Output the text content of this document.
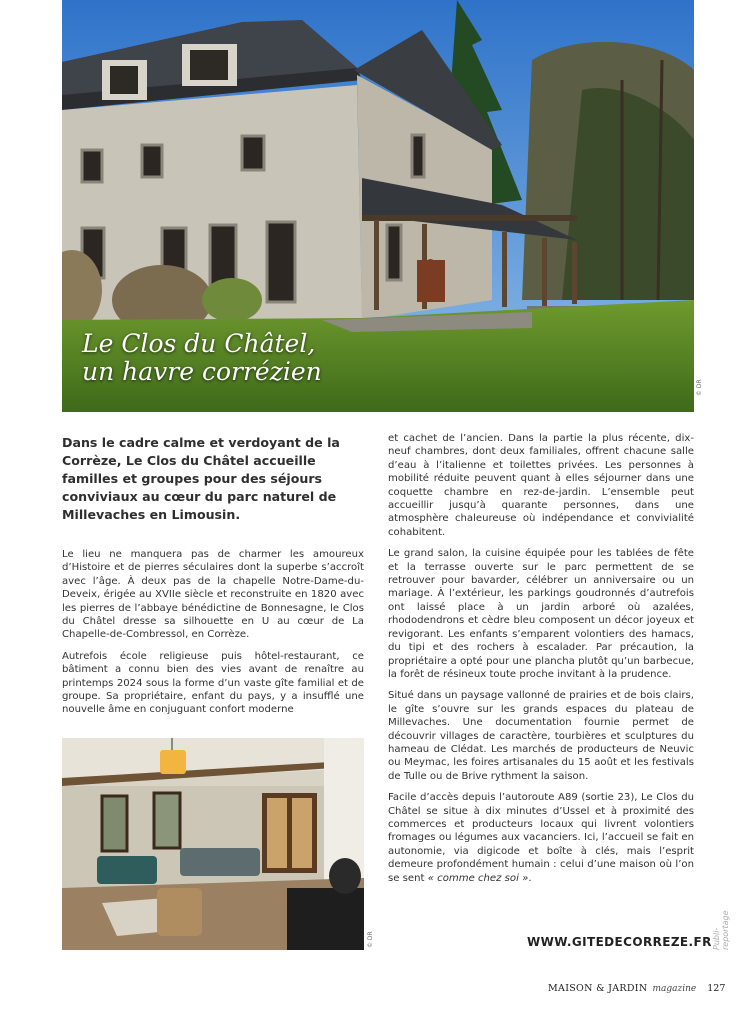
Le Clos du Châtel,
un havre corrézien
© DR
Dans le cadre calme et verdoyant de la Corrèze, Le Clos du Châtel accueille familles et groupes pour des séjours conviviaux au cœur du parc naturel de Millevaches en Limousin.

Le lieu ne manquera pas de charmer les amoureux d’Histoire et de pierres séculaires dont la superbe s’accroît avec l’âge. À deux pas de la chapelle Notre-Dame-du-Deveix, érigée au XVIIe siècle et reconstruite en 1820 avec les pierres de l’abbaye bénédictine de Bonnesagne, le Clos du Châtel dresse sa silhouette en U au cœur de La Chapelle-de-Combressol, en Corrèze.

Autrefois école religieuse puis hôtel-restaurant, ce bâtiment a connu bien des vies avant de renaître au printemps 2024 sous la forme d’un vaste gîte familial et de groupe. Sa propriétaire, enfant du pays, y a insufflé une nouvelle âme en conjuguant confort moderne

© DR

et cachet de l’ancien. Dans la partie la plus récente, dix-neuf chambres, dont deux familiales, offrent chacune salle d’eau à l’italienne et toilettes privées. Les personnes à mobilité réduite peuvent quant à elles séjourner dans une coquette chambre en rez-de-jardin. L’ensemble peut accueillir jusqu’à quarante personnes, dans une atmosphère chaleureuse où indépendance et convivialité cohabitent.

Le grand salon, la cuisine équipée pour les tablées de fête et la terrasse ouverte sur le parc permettent de se retrouver pour bavarder, célébrer un anniversaire ou un mariage. À l’extérieur, les parkings goudronnés d’autrefois ont laissé place à un jardin arboré où azalées, rhododendrons et cèdre bleu composent un décor joyeux et revigorant. Les enfants s’emparent volontiers des hamacs, du tipi et des rochers à escalader. Par précaution, la propriétaire a opté pour une plancha plutôt qu’un barbecue, la forêt de résineux toute proche invitant à la prudence.

Situé dans un paysage vallonné de prairies et de bois clairs, le gîte s’ouvre sur les grands espaces du plateau de Millevaches. Une documentation fournie permet de découvrir villages de caractère, tourbières et sculptures du hameau de Clédat. Les marchés de producteurs de Neuvic ou Meymac, les foires artisanales du 15 août et les festivals de Tulle ou de Brive rythment la saison.

Facile d’accès depuis l’autoroute A89 (sortie 23), Le Clos du Châtel se situe à dix minutes d’Ussel et à proximité des commerces et producteurs locaux qui livrent volontiers fromages ou légumes aux vacanciers. Ici, l’accueil se fait en autonomie, via digicode et boîte à clés, mais l’esprit demeure profondément humain : celui d’une maison où l’on se sent « comme chez soi ».

WWW.GITEDECORREZE.FR Publi-reportage
MAISON & JARDIN magazine 127
